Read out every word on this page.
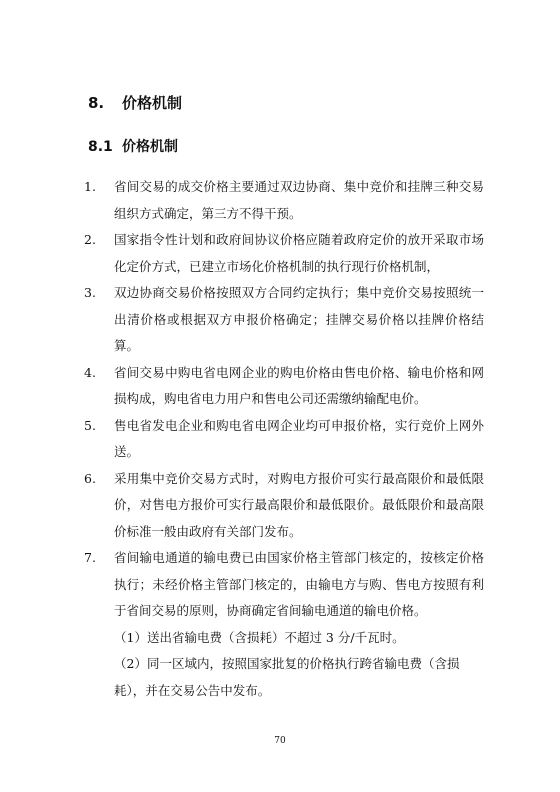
8. 价格机制
8.1 价格机制
1. 省间交易的成交价格主要通过双边协商、集中竞价和挂牌三种交易组织方式确定，第三方不得干预。
2. 国家指令性计划和政府间协议价格应随着政府定价的放开采取市场化定价方式，已建立市场化价格机制的执行现行价格机制，
3. 双边协商交易价格按照双方合同约定执行；集中竞价交易按照统一出清价格或根据双方申报价格确定；挂牌交易价格以挂牌价格结算。
4. 省间交易中购电省电网企业的购电价格由售电价格、输电价格和网损构成，购电省电力用户和售电公司还需缴纳输配电价。
5. 售电省发电企业和购电省电网企业均可申报价格，实行竞价上网外送。
6. 采用集中竞价交易方式时，对购电方报价可实行最高限价和最低限价，对售电方报价可实行最高限价和最低限价。最低限价和最高限价标准一般由政府有关部门发布。
7. 省间输电通道的输电费已由国家价格主管部门核定的，按核定价格执行；未经价格主管部门核定的，由输电方与购、售电方按照有利于省间交易的原则，协商确定省间输电通道的输电价格。
（1）送出省输电费（含损耗）不超过 3 分/千瓦时。
（2）同一区域内，按照国家批复的价格执行跨省输电费（含损耗），并在交易公告中发布。
70
